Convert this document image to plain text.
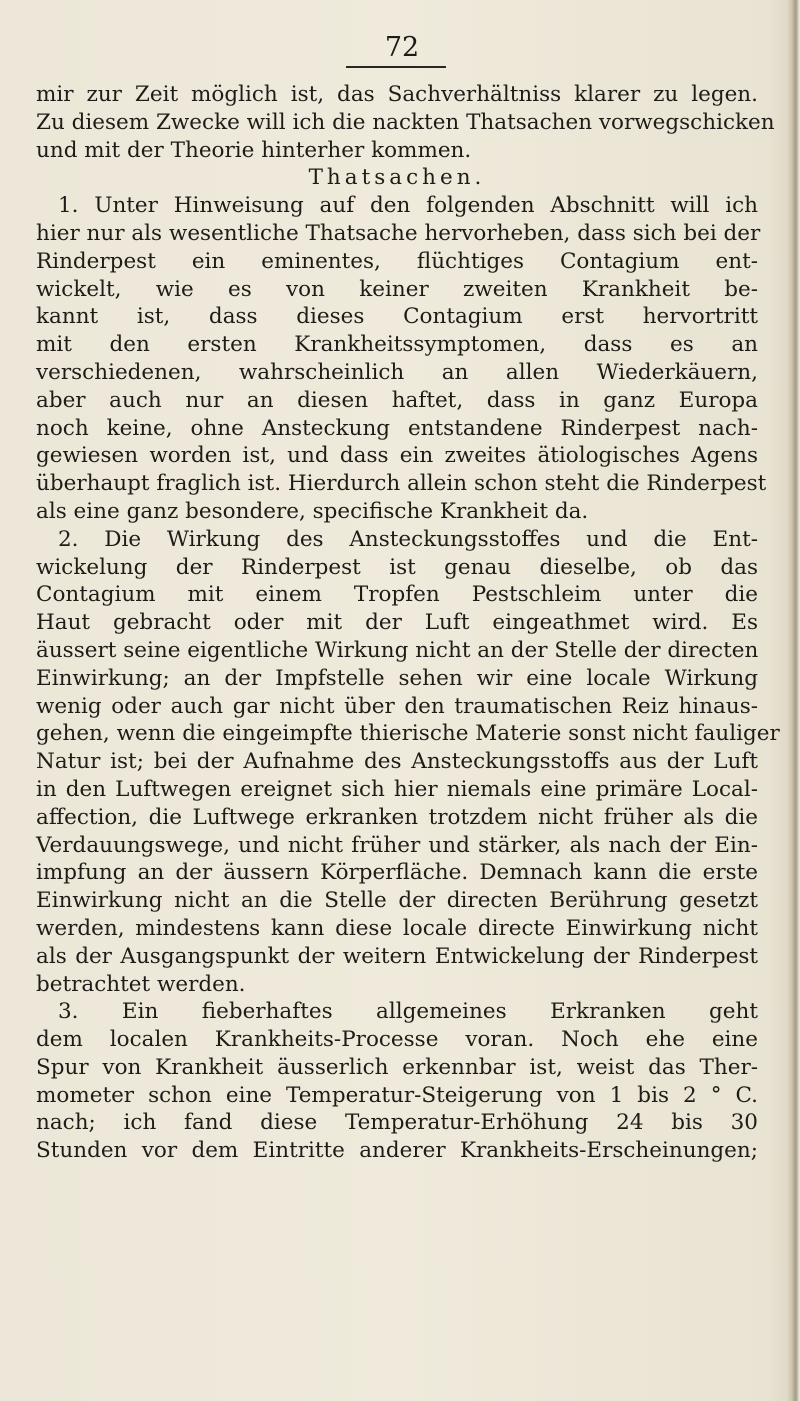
72
mir zur Zeit möglich ist, das Sachverhältniss klarer zu legen.
Zu diesem Zwecke will ich die nackten Thatsachen vorwegschicken
und mit der Theorie hinterher kommen.
Thatsachen.
1. Unter Hinweisung auf den folgenden Abschnitt will ich
hier nur als wesentliche Thatsache hervorheben, dass sich bei der
Rinderpest ein eminentes, flüchtiges Contagium ent-
wickelt, wie es von keiner zweiten Krankheit be-
kannt ist, dass dieses Contagium erst hervortritt
mit den ersten Krankheitssymptomen, dass es an
verschiedenen, wahrscheinlich an allen Wiederkäuern,
aber auch nur an diesen haftet, dass in ganz Europa
noch keine, ohne Ansteckung entstandene Rinderpest nach-
gewiesen worden ist, und dass ein zweites ätiologisches Agens
überhaupt fraglich ist. Hierdurch allein schon steht die Rinderpest
als eine ganz besondere, specifische Krankheit da.
2. Die Wirkung des Ansteckungsstoffes und die Ent-
wickelung der Rinderpest ist genau dieselbe, ob das
Contagium mit einem Tropfen Pestschleim unter die
Haut gebracht oder mit der Luft eingeathmet wird. Es
äussert seine eigentliche Wirkung nicht an der Stelle der directen
Einwirkung; an der Impfstelle sehen wir eine locale Wirkung
wenig oder auch gar nicht über den traumatischen Reiz hinaus-
gehen, wenn die eingeimpfte thierische Materie sonst nicht fauliger
Natur ist; bei der Aufnahme des Ansteckungsstoffs aus der Luft
in den Luftwegen ereignet sich hier niemals eine primäre Local-
affection, die Luftwege erkranken trotzdem nicht früher als die
Verdauungswege, und nicht früher und stärker, als nach der Ein-
impfung an der äussern Körperfläche. Demnach kann die erste
Einwirkung nicht an die Stelle der directen Berührung gesetzt
werden, mindestens kann diese locale directe Einwirkung nicht
als der Ausgangspunkt der weitern Entwickelung der Rinderpest
betrachtet werden.
3. Ein fieberhaftes allgemeines Erkranken geht
dem localen Krankheits-Processe voran. Noch ehe eine
Spur von Krankheit äusserlich erkennbar ist, weist das Ther-
mometer schon eine Temperatur-Steigerung von 1 bis 2 ° C.
nach; ich fand diese Temperatur-Erhöhung 24 bis 30
Stunden vor dem Eintritte anderer Krankheits-Erscheinungen;
